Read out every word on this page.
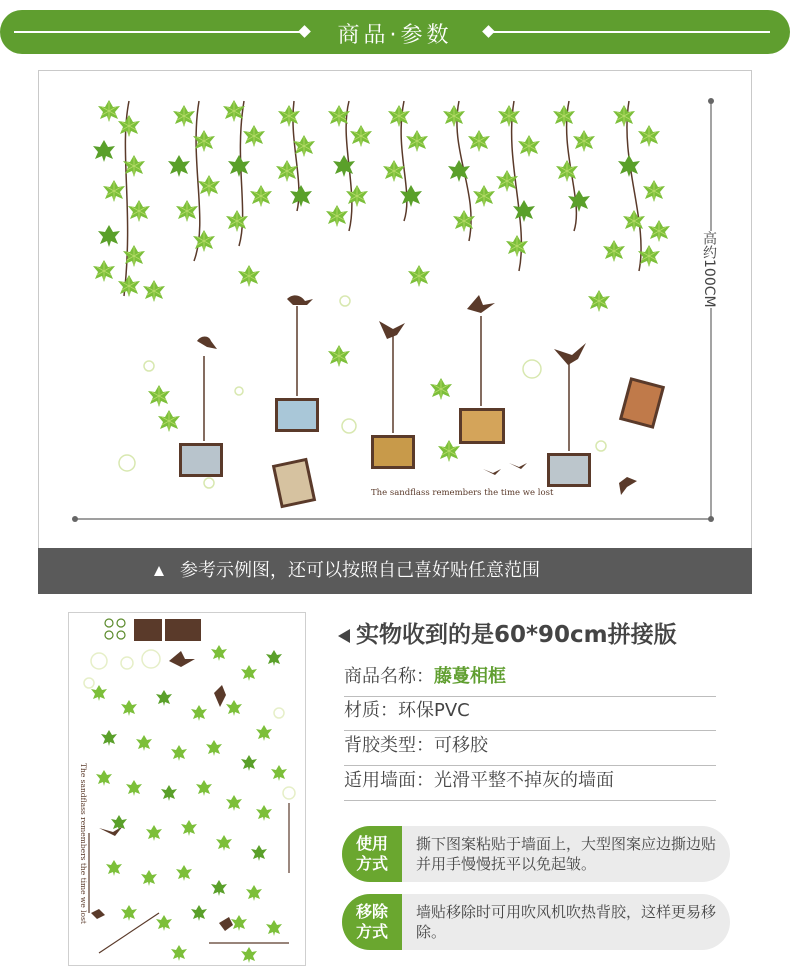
商品·参数
The sandflass remembers the time we lost
高约100CM
参考示例图，还可以按照自己喜好贴任意范围
The sandflass remembers the time we lost
实物收到的是60*90cm拼接版
商品名称：藤蔓相框
材质：环保PVC
背胶类型：可移胶
适用墙面：光滑平整不掉灰的墙面
使用
方式
撕下图案粘贴于墙面上，大型图案应边撕边贴并用手慢慢抚平以免起皱。
移除
方式
墙贴移除时可用吹风机吹热背胶，这样更易移除。
